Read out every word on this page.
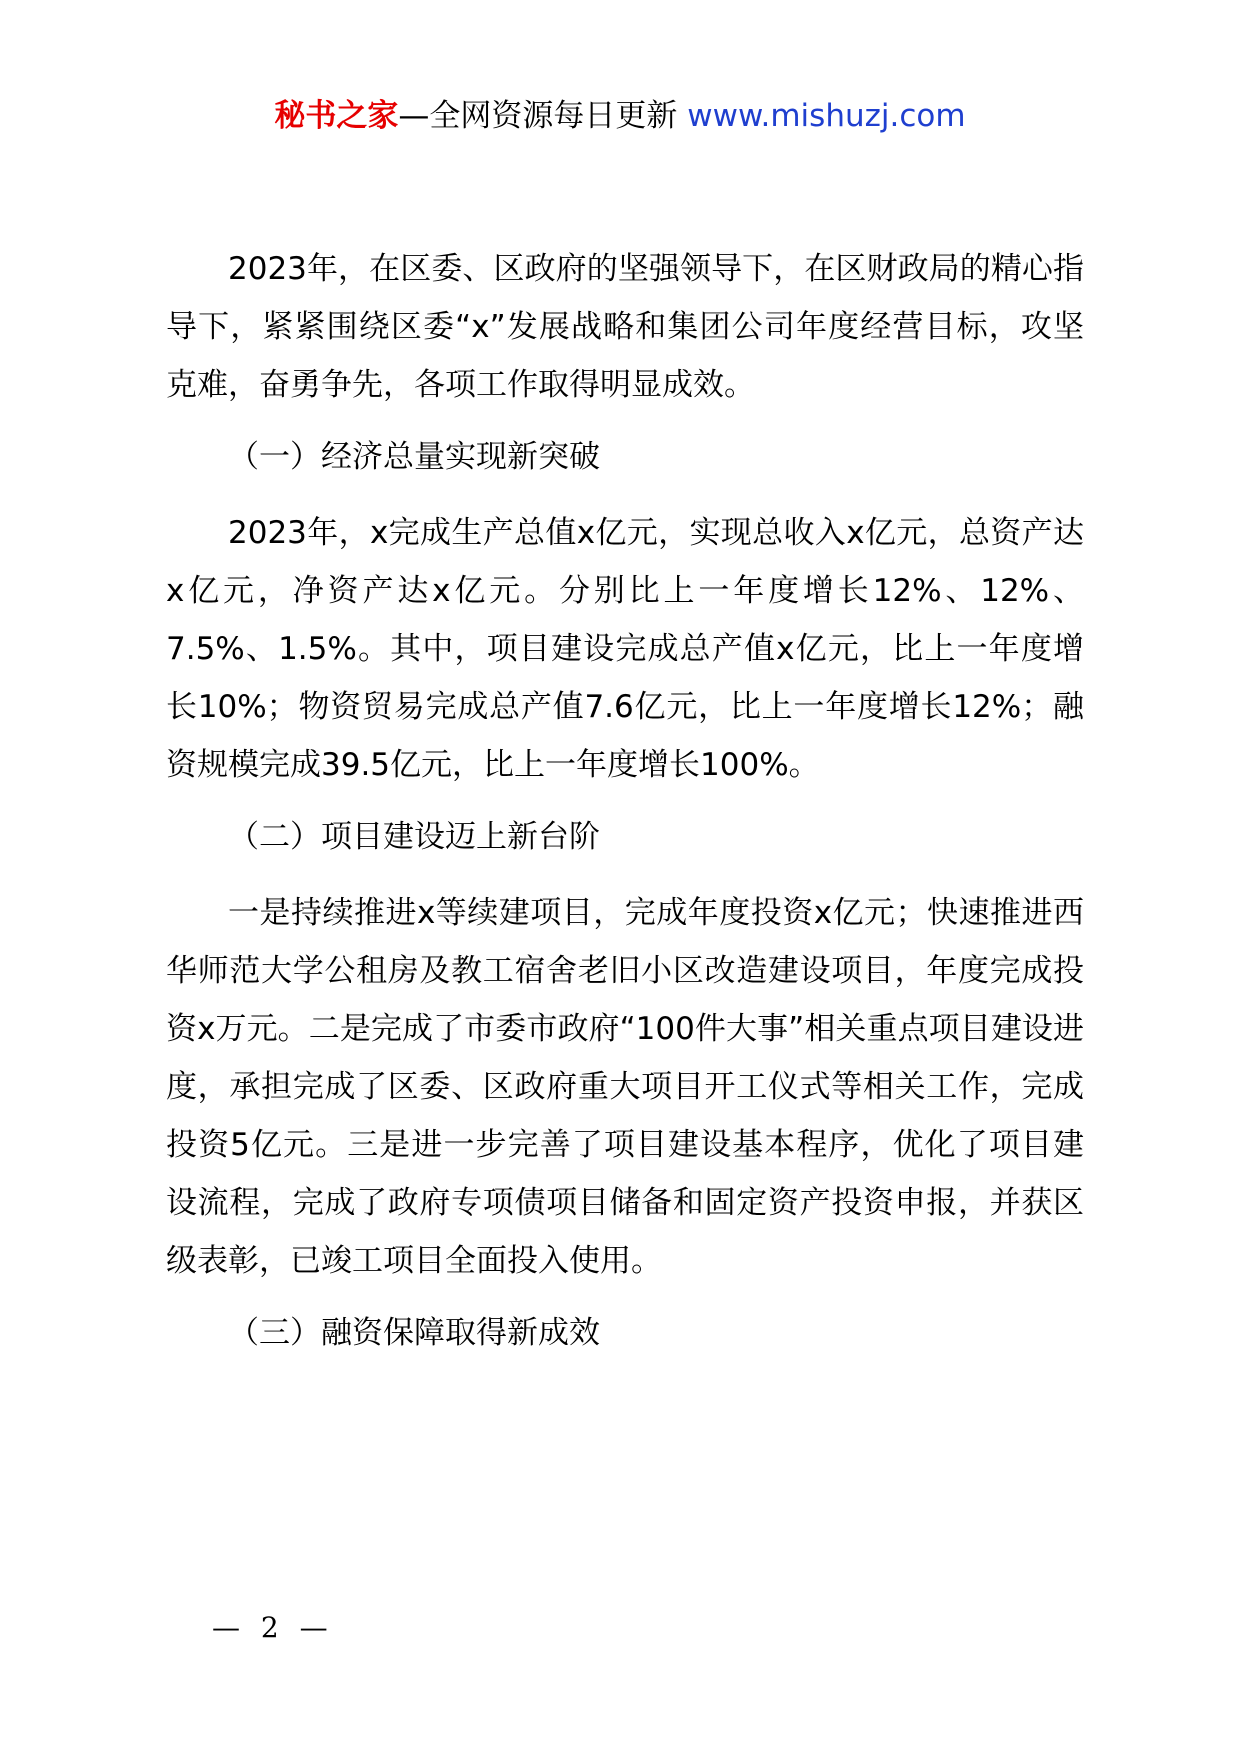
秘书之家—全网资源每日更新 www.mishuzj.com

2023年，在区委、区政府的坚强领导下，在区财政局的精心指导下，紧紧围绕区委“x”发展战略和集团公司年度经营目标，攻坚克难，奋勇争先，各项工作取得明显成效。

（一）经济总量实现新突破

2023年，x完成生产总值x亿元，实现总收入x亿元，总资产达x亿元，净资产达x亿元。分别比上一年度增长12%、12%、7.5%、1.5%。其中，项目建设完成总产值x亿元，比上一年度增长10%；物资贸易完成总产值7.6亿元，比上一年度增长12%；融资规模完成39.5亿元，比上一年度增长100%。

（二）项目建设迈上新台阶

一是持续推进x等续建项目，完成年度投资x亿元；快速推进西华师范大学公租房及教工宿舍老旧小区改造建设项目，年度完成投资x万元。二是完成了市委市政府“100件大事”相关重点项目建设进度，承担完成了区委、区政府重大项目开工仪式等相关工作，完成投资5亿元。三是进一步完善了项目建设基本程序，优化了项目建设流程，完成了政府专项债项目储备和固定资产投资申报，并获区级表彰，已竣工项目全面投入使用。

（三）融资保障取得新成效

— 2 —
